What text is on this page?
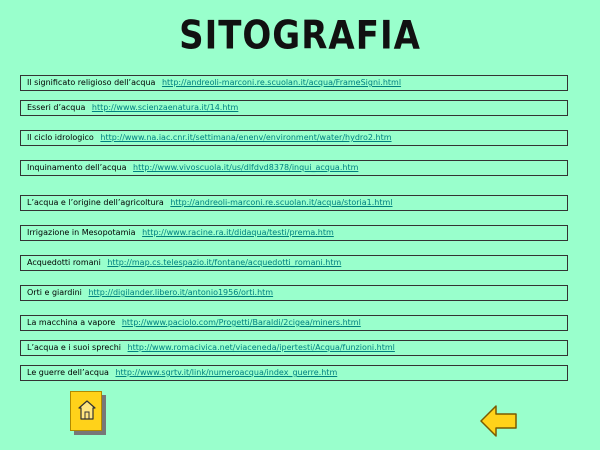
SITOGRAFIA
Il significato religioso dell’acqua http://andreoli-marconi.re.scuolan.it/acqua/FrameSigni.html
Esseri d’acqua http://www.scienzaenatura.it/14.htm
Il ciclo idrologico http://www.na.iac.cnr.it/settimana/enenv/environment/water/hydro2.htm
Inquinamento dell’acqua http://www.vivoscuola.it/us/dlfdvd8378/inqui_acqua.htm
L’acqua e l’origine dell’agricoltura http://andreoli-marconi.re.scuolan.it/acqua/storia1.html
Irrigazione in Mesopotamia http://www.racine.ra.it/didaqua/testi/prema.htm
Acquedotti romani http://map.cs.telespazio.it/fontane/acquedotti_romani.htm
Orti e giardini http://digilander.libero.it/antonio1956/orti.htm
La macchina a vapore http://www.paciolo.com/Progetti/Baraldi/2cigea/miners.html
L’acqua e i suoi sprechi http://www.romacivica.net/viaceneda/ipertesti/Acqua/funzioni.html
Le guerre dell’acqua http://www.sgrtv.it/link/numeroacqua/index_guerre.htm
